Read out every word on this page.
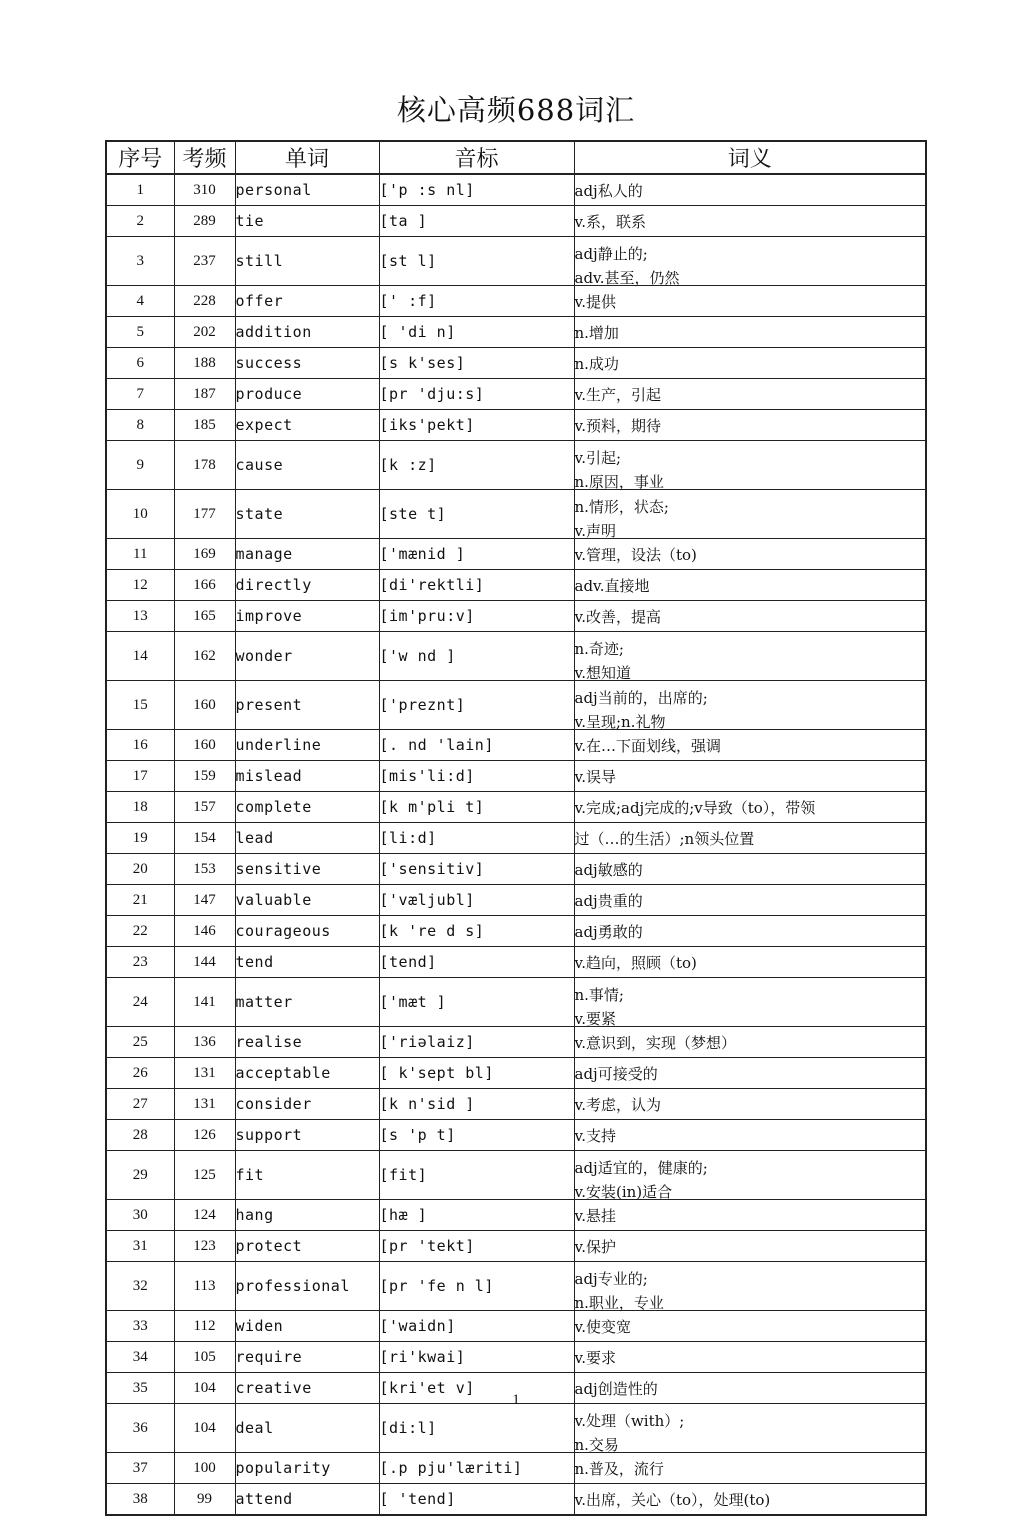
核心高频688词汇
序号	考频	单词	音标	词义
1	310	personal	['p :s nl]	adj私人的
2	289	tie	[ta ]	v.系，联系
3	237	still	[st l]	adj静止的;
adv.甚至，仍然
4	228	offer	[' :f]	v.提供
5	202	addition	[ 'di n]	n.增加
6	188	success	[s k'ses]	n.成功
7	187	produce	[pr 'dju:s]	v.生产，引起
8	185	expect	[iks'pekt]	v.预料，期待
9	178	cause	[k :z]	v.引起;
n.原因，事业
10	177	state	[ste t]	n.情形，状态;
v.声明
11	169	manage	['mænid ]	v.管理，设法（to)
12	166	directly	[di'rektli]	adv.直接地
13	165	improve	[im'pru:v]	v.改善，提高
14	162	wonder	['w nd ]	n.奇迹;
v.想知道
15	160	present	['preznt]	adj当前的，出席的;
v.呈现;n.礼物
16	160	underline	[. nd 'lain]	v.在…下面划线，强调
17	159	mislead	[mis'li:d]	v.误导
18	157	complete	[k m'pli t]	v.完成;adj完成的;v导致（to），带领
19	154	lead	[li:d]	过（…的生活）;n领头位置
20	153	sensitive	['sensitiv]	adj敏感的
21	147	valuable	['væljubl]	adj贵重的
22	146	courageous	[k 're d s]	adj勇敢的
23	144	tend	[tend]	v.趋向，照顾（to)
24	141	matter	['mæt ]	n.事情;
v.要紧
25	136	realise	['riəlaiz]	v.意识到，实现（梦想）
26	131	acceptable	[ k'sept bl]	adj可接受的
27	131	consider	[k n'sid ]	v.考虑，认为
28	126	support	[s 'p t]	v.支持
29	125	fit	[fit]	adj适宜的，健康的;
v.安装(in)适合
30	124	hang	[hæ ]	v.悬挂
31	123	protect	[pr 'tekt]	v.保护
32	113	professional	[pr 'fe n l]	adj专业的;
n.职业，专业
33	112	widen	['waidn]	v.使变宽
34	105	require	[ri'kwai]	v.要求
35	104	creative	[kri'et v]	adj创造性的
36	104	deal	[di:l]	v.处理（with）;
n.交易
37	100	popularity	[.p pju'læriti]	n.普及，流行
38	99	attend	[ 'tend]	v.出席，关心（to），处理(to)
1
